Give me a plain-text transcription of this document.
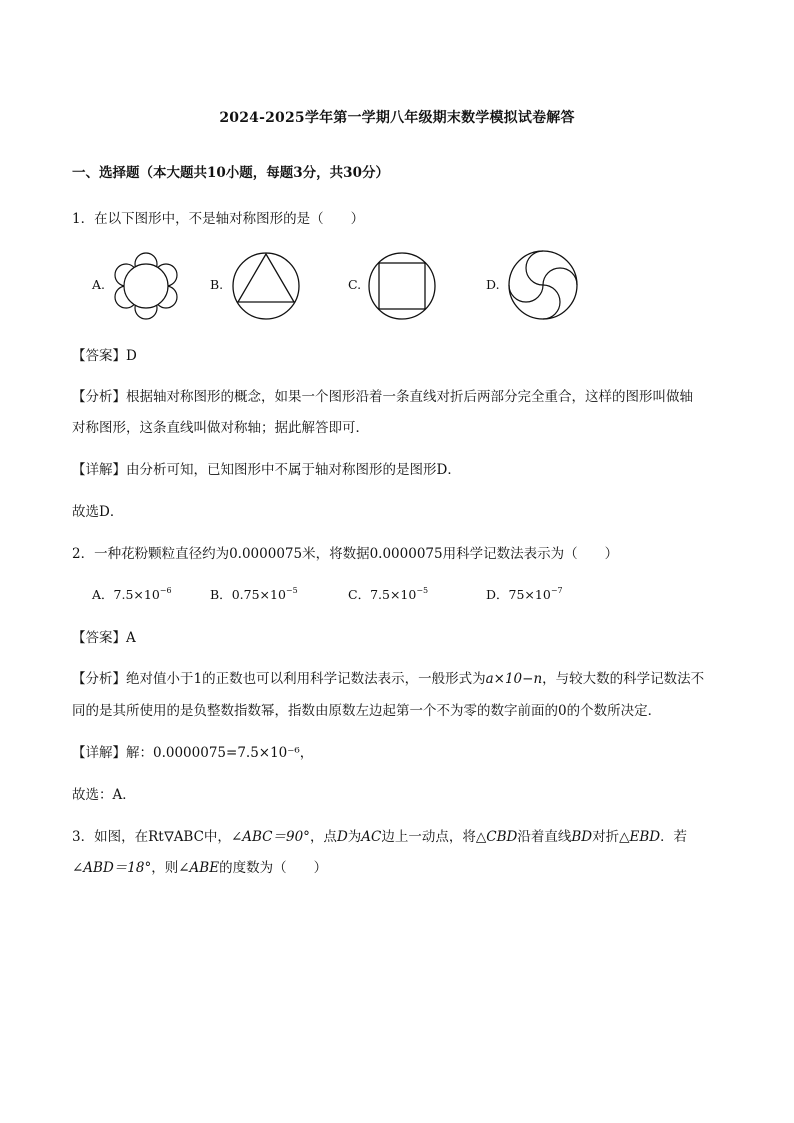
2024-2025学年第一学期八年级期末数学模拟试卷解答
一、选择题（本大题共10小题，每题3分，共30分）
1．在以下图形中，不是轴对称图形的是（　　）
A.	B.	C.	D.
【答案】D
【分析】根据轴对称图形的概念，如果一个图形沿着一条直线对折后两部分完全重合，这样的图形叫做轴
对称图形，这条直线叫做对称轴；据此解答即可．
【详解】由分析可知，已知图形中不属于轴对称图形的是图形D．
故选D．
2．一种花粉颗粒直径约为0.0000075米，将数据0.0000075用科学记数法表示为（　　）
A．$7.5\times 10^{-6}$	B．$0.75\times 10^{-5}$	C．$7.5\times 10^{-5}$	D．$75\times 10^{-7}$
【答案】A
【分析】绝对值小于1的正数也可以利用科学记数法表示，一般形式为a×10−n，与较大数的科学记数法不
同的是其所使用的是负整数指数幂，指数由原数左边起第一个不为零的数字前面的0的个数所决定．
【详解】解：0.0000075=7.5×10⁻⁶，
故选：A．
3．如图，在Rt ABC中，∠ABC＝90°，点D为AC边上一动点，将△CBD沿着直线BD对折△EBD．若
∠ABD＝18°，则∠ABE的度数为（　　）
